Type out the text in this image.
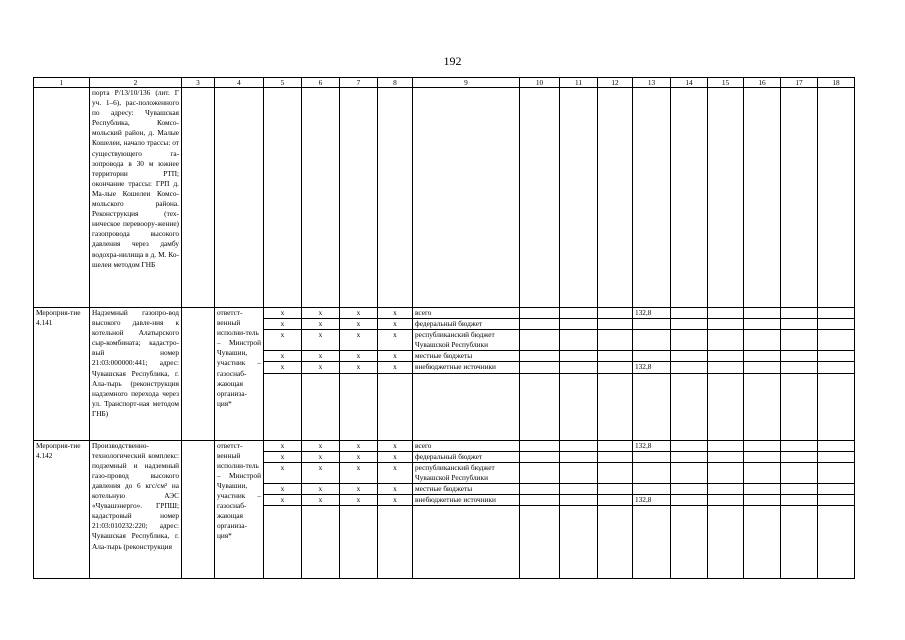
192
1	2	3	4	5	6	7	8	9	10	11	12	13	14	15	16	17	18
	порта Р/13/10/136 (лит. Г уч. 1–6), рас-положенного по адресу: Чувашская Республика, Комсо-мольский район, д. Малые Кошелеи, начало трассы: от существующего га-зопровода в 30 м южнее территории РТП; окончание трассы: ГРП д. Ма-лые Кошелеи Комсо-мольского района. Реконструкция (тех-ническое перевоору-жение) газопровода высокого давления через дамбу водохра-нилища в д. М. Ко-шелеи методом ГНБ																
Мероприя-тие 4.141	Надземный газопро-вод высокого давле-ния к котельной Алатырского сыр-комбината; кадастро-вый номер 21:03:000000:441; адрес: Чувашская Республика, г. Ала-тырь (реконструкция надземного перехода через ул. Транспорт-ная методом ГНБ)		ответст-венный исполни-тель – Минстрой Чувашии, участник – газоснаб-жающая организа-ция*	х	х	х	х	всего				132,8					
				х	х	х	х	федеральный бюджет									
				х	х	х	х	республиканский бюджет Чувашской Республики									
				х	х	х	х	местные бюджеты									
				х	х	х	х	внебюджетные источники				132,8					

Мероприя-тие 4.142	Производственно-технологический комплекс: подземный и надземный газо-провод высокого давления до 6 кгс/см² на котельную АЭС «Чувашэнерго». ГРПШ; кадастровый номер 21:03:010232:220; адрес: Чувашская Республика, г. Ала-тырь (реконструкция		ответст-венный исполни-тель – Минстрой Чувашии, участник – газоснаб-жающая организа-ция*	х	х	х	х	всего				132,8					
				х	х	х	х	федеральный бюджет									
				х	х	х	х	республиканский бюджет Чувашской Республики									
				х	х	х	х	местные бюджеты									
				х	х	х	х	внебюджетные источники				132,8					
